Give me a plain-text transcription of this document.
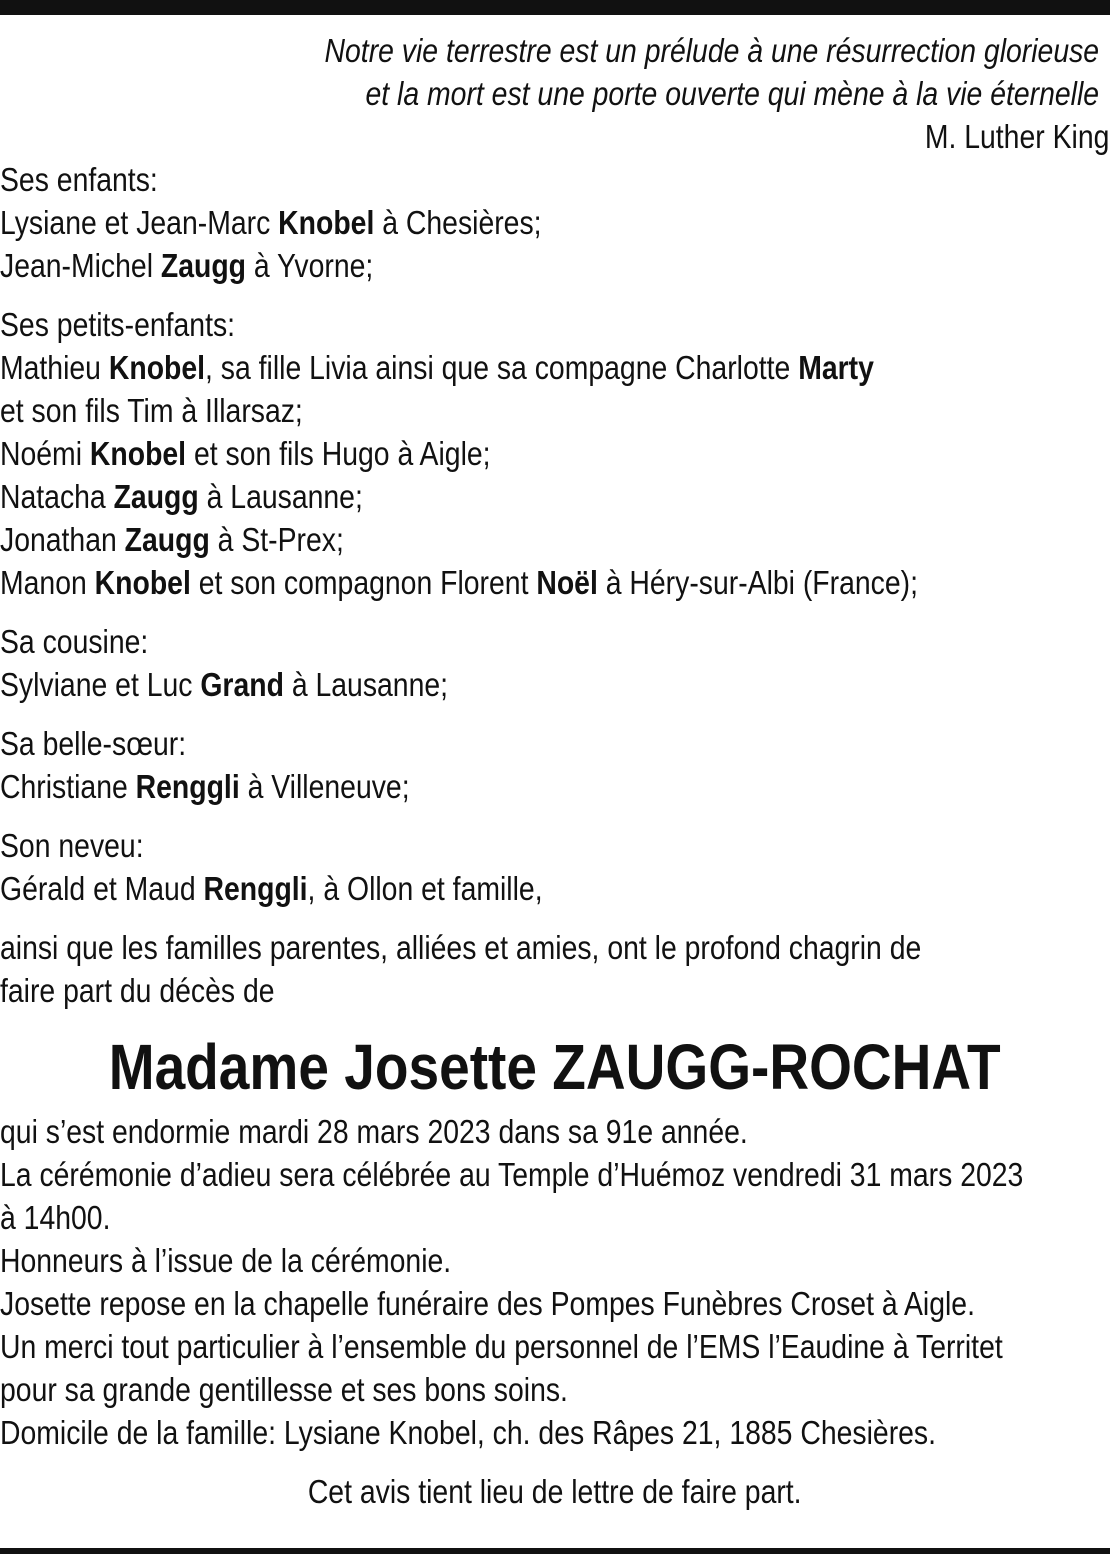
Notre vie terrestre est un prélude à une résurrection glorieuse
et la mort est une porte ouverte qui mène à la vie éternelle
M. Luther King
Ses enfants:
Lysiane et Jean-Marc Knobel à Chesières;
Jean-Michel Zaugg à Yvorne;
Ses petits-enfants:
Mathieu Knobel, sa fille Livia ainsi que sa compagne Charlotte Marty
et son fils Tim à Illarsaz;
Noémi Knobel et son fils Hugo à Aigle;
Natacha Zaugg à Lausanne;
Jonathan Zaugg à St-Prex;
Manon Knobel et son compagnon Florent Noël à Héry-sur-Albi (France);
Sa cousine:
Sylviane et Luc Grand à Lausanne;
Sa belle-sœur:
Christiane Renggli à Villeneuve;
Son neveu:
Gérald et Maud Renggli, à Ollon et famille,
ainsi que les familles parentes, alliées et amies, ont le profond chagrin de
faire part du décès de
Madame Josette ZAUGG-ROCHAT
qui s’est endormie mardi 28 mars 2023 dans sa 91e année.
La cérémonie d’adieu sera célébrée au Temple d’Huémoz vendredi 31 mars 2023
à 14h00.
Honneurs à l’issue de la cérémonie.
Josette repose en la chapelle funéraire des Pompes Funèbres Croset à Aigle.
Un merci tout particulier à l’ensemble du personnel de l’EMS l’Eaudine à Territet
pour sa grande gentillesse et ses bons soins.
Domicile de la famille: Lysiane Knobel, ch. des Râpes 21, 1885 Chesières.
Cet avis tient lieu de lettre de faire part.
